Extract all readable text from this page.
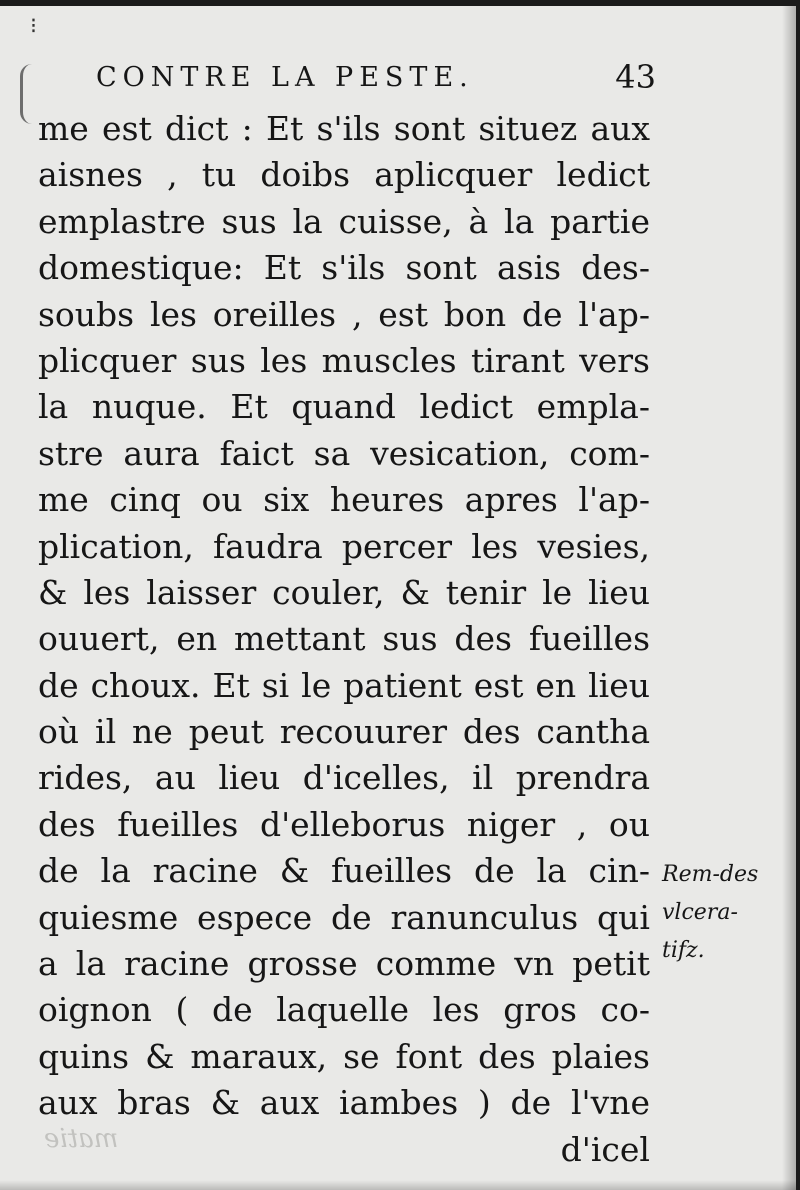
⁝
CONTRE LA PESTE.	43
me est dict : Et s'ils sont situez aux
aisnes , tu doibs aplicquer ledict
emplastre sus la cuisse, à la partie
domestique: Et s'ils sont asis des-
soubs les oreilles , est bon de l'ap-
plicquer sus les muscles tirant vers
la nuque. Et quand ledict empla-
stre aura faict sa vesication, com-
me cinq ou six heures apres l'ap-
plication, faudra percer les vesies,
& les laisser couler, & tenir le lieu
ouuert, en mettant sus des fueilles
de choux. Et si le patient est en lieu
où il ne peut recouurer des cantha
rides, au lieu d'icelles, il prendra
des fueilles d'elleborus niger , ou
de la racine & fueilles de la cin-
quiesme espece de ranunculus qui
a la racine grosse comme vn petit
oignon ( de laquelle les gros co-
quins & maraux, se font des plaies
aux bras & aux iambes ) de l'vne
d'icel
Rem-des
vlcera-
tifz.
matie
